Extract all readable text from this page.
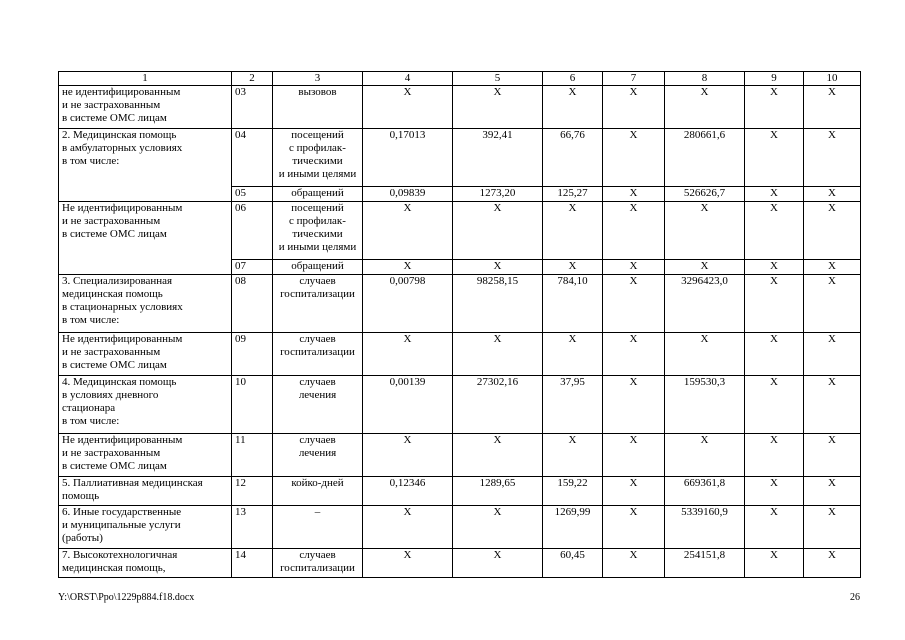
1	2	3	4	5	6	7	8	9	10

не идентифицированным
и не застрахованным
в системе ОМС лицам	03	вызовов	X	X	X	X	X	X	X

2. Медицинская помощь
в амбулаторных условиях
в том числе:	04	посещений
с профилак-
тическими
и иными целями	0,17013	392,41	66,76	X	280661,6	X	X
	05	обращений	0,09839	1273,20	125,27	X	526626,7	X	X

Не идентифицированным
и не застрахованным
в системе ОМС лицам	06	посещений
с профилак-
тическими
и иными целями	X	X	X	X	X	X	X
	07	обращений	X	X	X	X	X	X	X

3. Специализированная
медицинская помощь
в стационарных условиях
в том числе:	08	случаев
госпитализации	0,00798	98258,15	784,10	X	3296423,0	X	X

Не идентифицированным
и не застрахованным
в системе ОМС лицам	09	случаев
госпитализации	X	X	X	X	X	X	X

4. Медицинская помощь
в условиях дневного
стационара
в том числе:	10	случаев
лечения	0,00139	27302,16	37,95	X	159530,3	X	X

Не идентифицированным
и не застрахованным
в системе ОМС лицам	11	случаев
лечения	X	X	X	X	X	X	X

5. Паллиативная медицинская
помощь	12	койко-дней	0,12346	1289,65	159,22	X	669361,8	X	X

6. Иные государственные
и муниципальные услуги
(работы)	13	–	X	X	1269,99	X	5339160,9	X	X

7. Высокотехнологичная
медицинская помощь,	14	случаев
госпитализации	X	X	60,45	X	254151,8	X	X
Y:\ORST\Ppo\1229p884.f18.docx	26
